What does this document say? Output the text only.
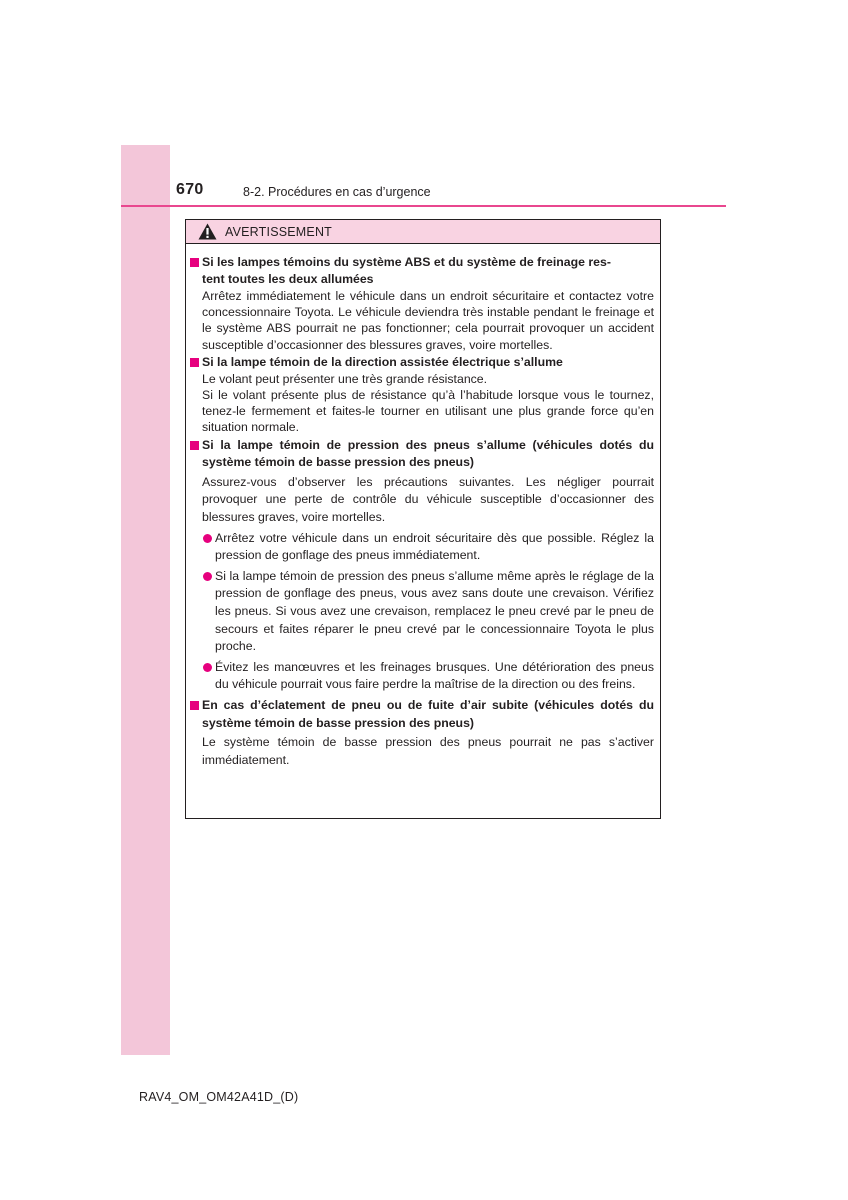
670	8-2. Procédures en cas d’urgence
AVERTISSEMENT
Si les lampes témoins du système ABS et du système de freinage res-
tent toutes les deux allumées
Arrêtez immédiatement le véhicule dans un endroit sécuritaire et contactez votre concessionnaire Toyota. Le véhicule deviendra très instable pendant le freinage et le système ABS pourrait ne pas fonctionner; cela pourrait provoquer un accident susceptible d’occasionner des blessures graves, voire mortelles.
Si la lampe témoin de la direction assistée électrique s’allume
Le volant peut présenter une très grande résistance.
Si le volant présente plus de résistance qu’à l’habitude lorsque vous le tournez, tenez-le fermement et faites-le tourner en utilisant une plus grande force qu’en situation normale.
Si la lampe témoin de pression des pneus s’allume (véhicules dotés du système témoin de basse pression des pneus)
Assurez-vous d’observer les précautions suivantes. Les négliger pourrait provoquer une perte de contrôle du véhicule susceptible d’occasionner des blessures graves, voire mortelles.
Arrêtez votre véhicule dans un endroit sécuritaire dès que possible. Réglez la pression de gonflage des pneus immédiatement.
Si la lampe témoin de pression des pneus s’allume même après le réglage de la pression de gonflage des pneus, vous avez sans doute une crevaison. Vérifiez les pneus. Si vous avez une crevaison, remplacez le pneu crevé par le pneu de secours et faites réparer le pneu crevé par le concessionnaire Toyota le plus proche.
Évitez les manœuvres et les freinages brusques. Une détérioration des pneus du véhicule pourrait vous faire perdre la maîtrise de la direction ou des freins.
En cas d’éclatement de pneu ou de fuite d’air subite (véhicules dotés du système témoin de basse pression des pneus)
Le système témoin de basse pression des pneus pourrait ne pas s’activer immédiatement.
RAV4_OM_OM42A41D_(D)
